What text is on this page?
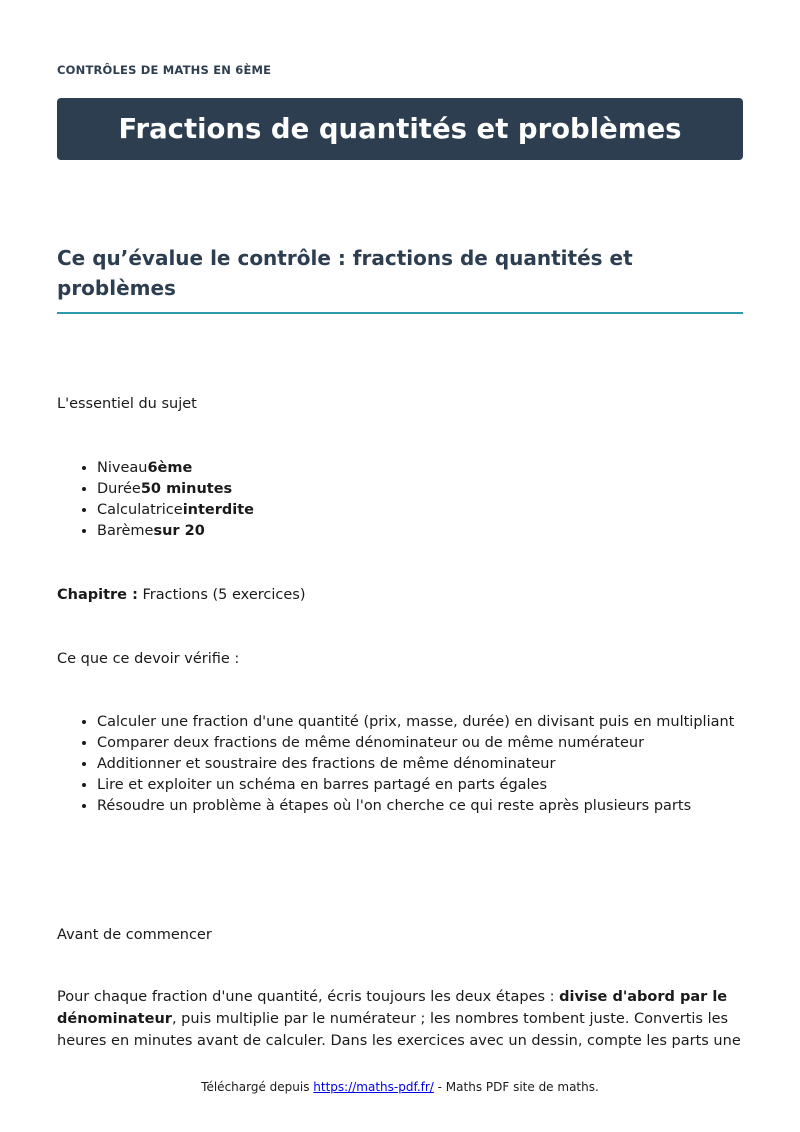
CONTRÔLES DE MATHS EN 6ÈME
Fractions de quantités et problèmes
Ce qu’évalue le contrôle : fractions de quantités et problèmes

L'essentiel du sujet

• Niveau6ème
• Durée50 minutes
• Calculatriceinterdite
• Barèmesur 20

Chapitre : Fractions (5 exercices)

Ce que ce devoir vérifie :

• Calculer une fraction d'une quantité (prix, masse, durée) en divisant puis en multipliant
• Comparer deux fractions de même dénominateur ou de même numérateur
• Additionner et soustraire des fractions de même dénominateur
• Lire et exploiter un schéma en barres partagé en parts égales
• Résoudre un problème à étapes où l'on cherche ce qui reste après plusieurs parts

Avant de commencer

Pour chaque fraction d'une quantité, écris toujours les deux étapes : divise d'abord par le dénominateur, puis multiplie par le numérateur ; les nombres tombent juste. Convertis les heures en minutes avant de calculer. Dans les exercices avec un dessin, compte les parts une

Téléchargé depuis https://maths-pdf.fr/ - Maths PDF site de maths.
